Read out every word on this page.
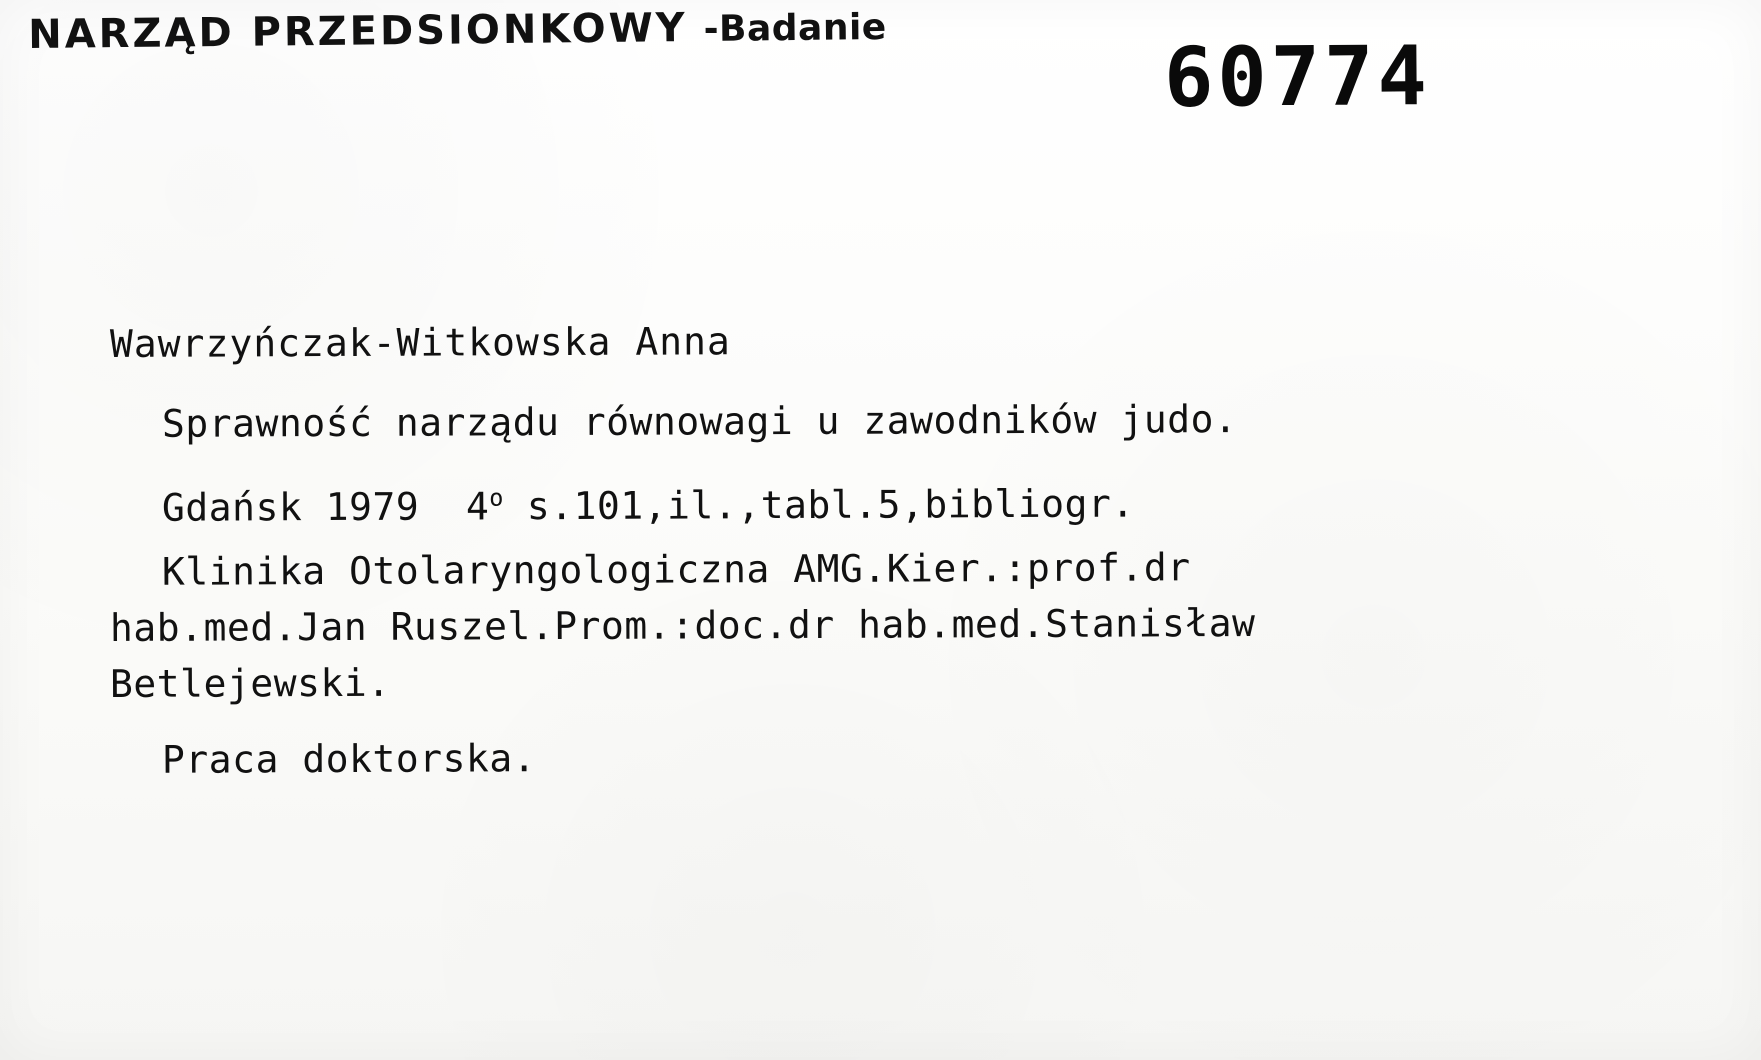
NARZĄD PRZEDSIONKOWY -Badanie
60774
Wawrzyńczak-Witkowska Anna
Sprawność narządu równowagi u zawodników judo.
Gdańsk 1979  4$^o$ s.101,il.,tabl.5,bibliogr.
Klinika Otolaryngologiczna AMG.Kier.:prof.dr
hab.med.Jan Ruszel.Prom.:doc.dr hab.med.Stanisław
Betlejewski.
Praca doktorska.
